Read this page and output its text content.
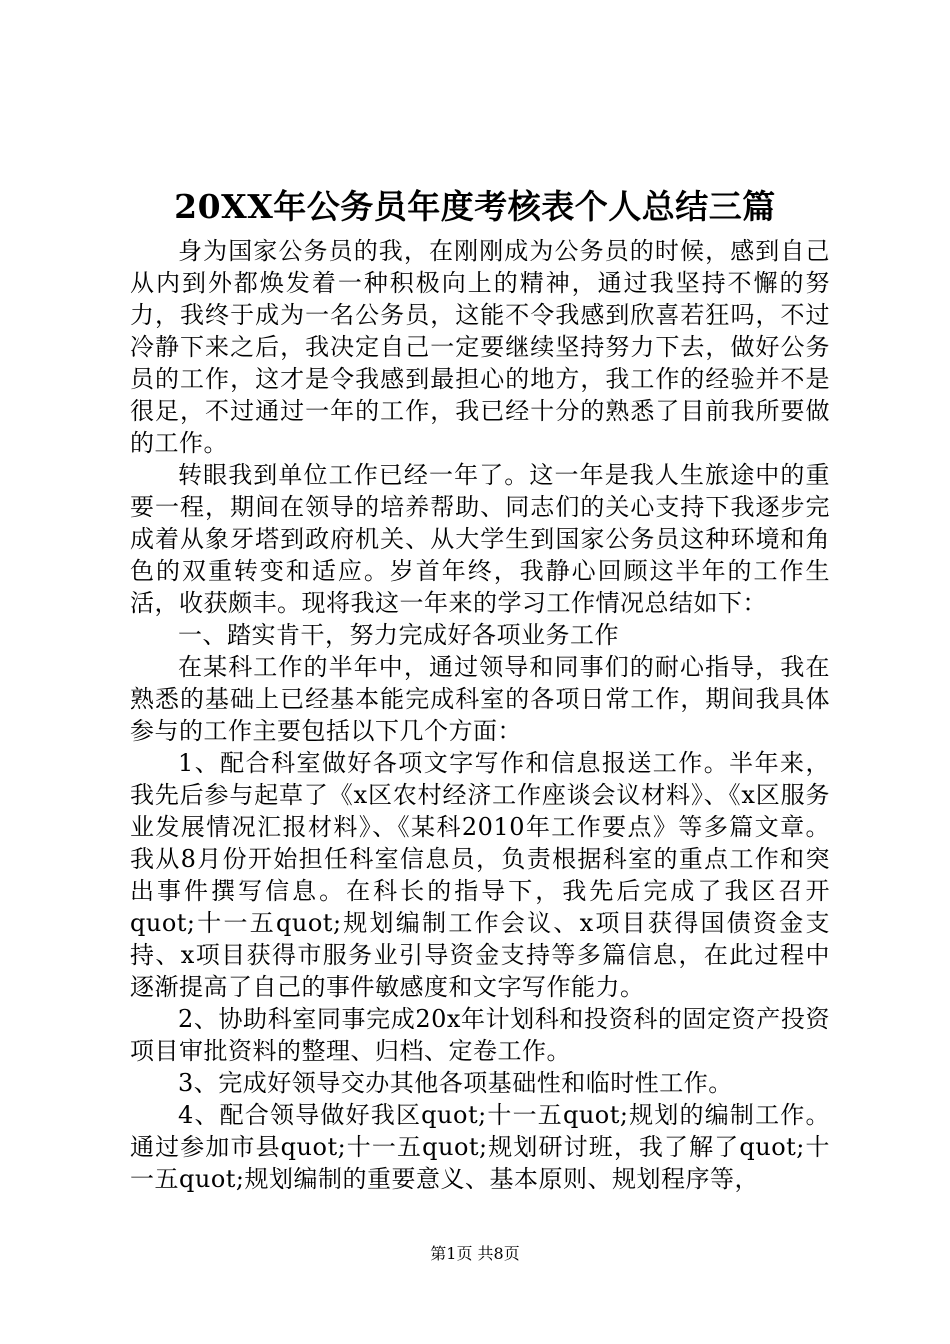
20XX年公务员年度考核表个人总结三篇

身为国家公务员的我，在刚刚成为公务员的时候，感到自己从内到外都焕发着一种积极向上的精神，通过我坚持不懈的努力，我终于成为一名公务员，这能不令我感到欣喜若狂吗，不过冷静下来之后，我决定自己一定要继续坚持努力下去，做好公务员的工作，这才是令我感到最担心的地方，我工作的经验并不是很足，不过通过一年的工作，我已经十分的熟悉了目前我所要做的工作。

转眼我到单位工作已经一年了。这一年是我人生旅途中的重要一程，期间在领导的培养帮助、同志们的关心支持下我逐步完成着从象牙塔到政府机关、从大学生到国家公务员这种环境和角色的双重转变和适应。岁首年终，我静心回顾这半年的工作生活，收获颇丰。现将我这一年来的学习工作情况总结如下：

一、踏实肯干，努力完成好各项业务工作

在某科工作的半年中，通过领导和同事们的耐心指导，我在熟悉的基础上已经基本能完成科室的各项日常工作，期间我具体参与的工作主要包括以下几个方面：

1、配合科室做好各项文字写作和信息报送工作。半年来，我先后参与起草了《x区农村经济工作座谈会议材料》、《x区服务业发展情况汇报材料》、《某科2010年工作要点》等多篇文章。我从8月份开始担任科室信息员，负责根据科室的重点工作和突出事件撰写信息。在科长的指导下，我先后完成了我区召开quot;十一五quot;规划编制工作会议、x项目获得国债资金支持、x项目获得市服务业引导资金支持等多篇信息，在此过程中逐渐提高了自己的事件敏感度和文字写作能力。

2、协助科室同事完成20x年计划科和投资科的固定资产投资项目审批资料的整理、归档、定卷工作。

3、完成好领导交办其他各项基础性和临时性工作。

4、配合领导做好我区quot;十一五quot;规划的编制工作。通过参加市县quot;十一五quot;规划研讨班，我了解了quot;十一五quot;规划编制的重要意义、基本原则、规划程序等，

第1页 共8页
